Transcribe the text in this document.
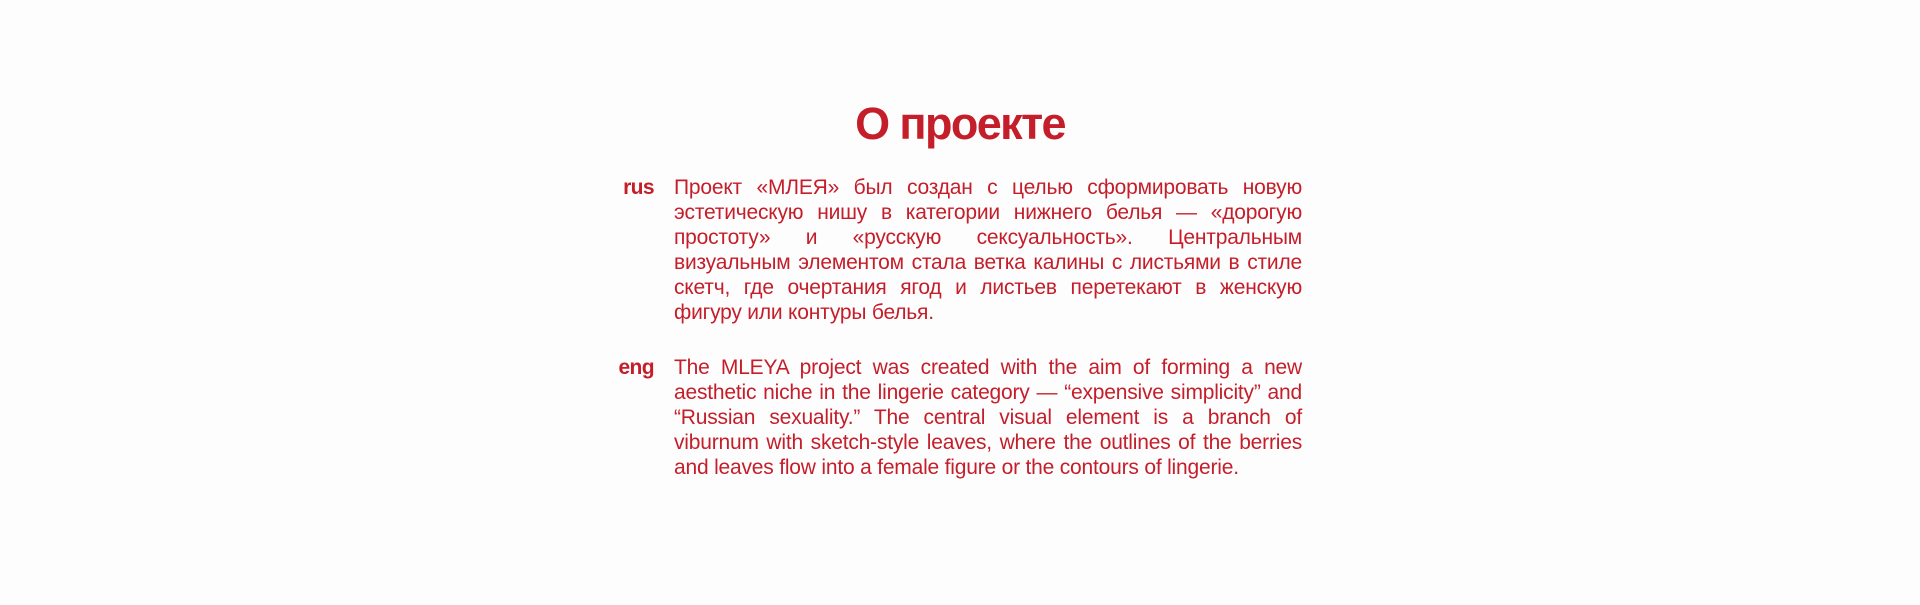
О проекте
rus Проект «МЛЕЯ» был создан с целью сформировать новую эстетическую нишу в категории нижнего белья — «дорогую простоту» и «русскую сексуальность». Центральным визуальным элементом стала ветка калины с листьями в стиле скетч, где очертания ягод и листьев перетекают в женскую фигуру или контуры белья.

eng The MLEYA project was created with the aim of forming a new aesthetic niche in the lingerie category — “expensive simplicity” and “Russian sexuality.” The central visual element is a branch of viburnum with sketch-style leaves, where the outlines of the berries and leaves flow into a female figure or the contours of lingerie.
